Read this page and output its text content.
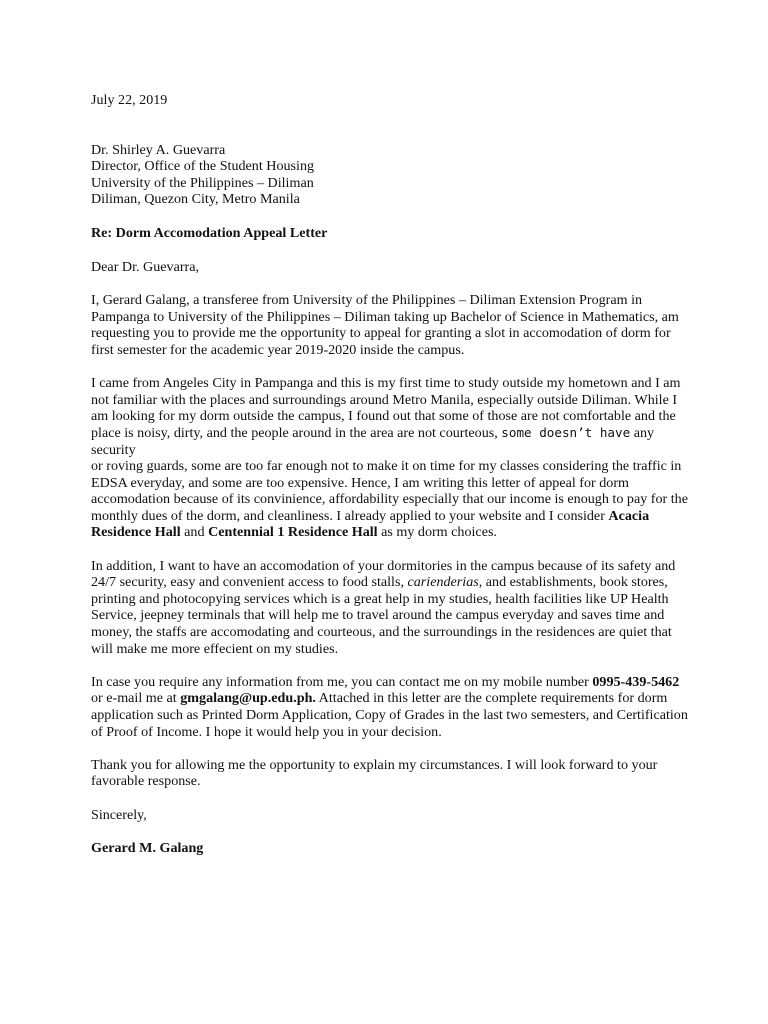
July 22, 2019

Dr. Shirley A. Guevarra
Director, Office of the Student Housing
University of the Philippines – Diliman
Diliman, Quezon City, Metro Manila

Re: Dorm Accomodation Appeal Letter

Dear Dr. Guevarra,

I, Gerard Galang, a transferee from University of the Philippines – Diliman Extension Program in
Pampanga to University of the Philippines – Diliman taking up Bachelor of Science in Mathematics, am
requesting you to provide me the opportunity to appeal for granting a slot in accomodation of dorm for
first semester for the academic year 2019-2020 inside the campus.

I came from Angeles City in Pampanga and this is my first time to study outside my hometown and I am
not familiar with the places and surroundings around Metro Manila, especially outside Diliman. While I
am looking for my dorm outside the campus, I found out that some of those are not comfortable and the
place is noisy, dirty, and the people around in the area are not courteous, some doesn’t have any security
or roving guards, some are too far enough not to make it on time for my classes considering the traffic in
EDSA everyday, and some are too expensive. Hence, I am writing this letter of appeal for dorm
accomodation because of its convinience, affordability especially that our income is enough to pay for the
monthly dues of the dorm, and cleanliness. I already applied to your website and I consider Acacia
Residence Hall and Centennial 1 Residence Hall as my dorm choices.

In addition, I want to have an accomodation of your dormitories in the campus because of its safety and
24/7 security, easy and convenient access to food stalls, carienderias, and establishments, book stores,
printing and photocopying services which is a great help in my studies, health facilities like UP Health
Service, jeepney terminals that will help me to travel around the campus everyday and saves time and
money, the staffs are accomodating and courteous, and the surroundings in the residences are quiet that
will make me more effecient on my studies.

In case you require any information from me, you can contact me on my mobile number 0995-439-5462
or e-mail me at gmgalang@up.edu.ph. Attached in this letter are the complete requirements for dorm
application such as Printed Dorm Application, Copy of Grades in the last two semesters, and Certification
of Proof of Income. I hope it would help you in your decision.

Thank you for allowing me the opportunity to explain my circumstances. I will look forward to your
favorable response.

Sincerely,

Gerard M. Galang
